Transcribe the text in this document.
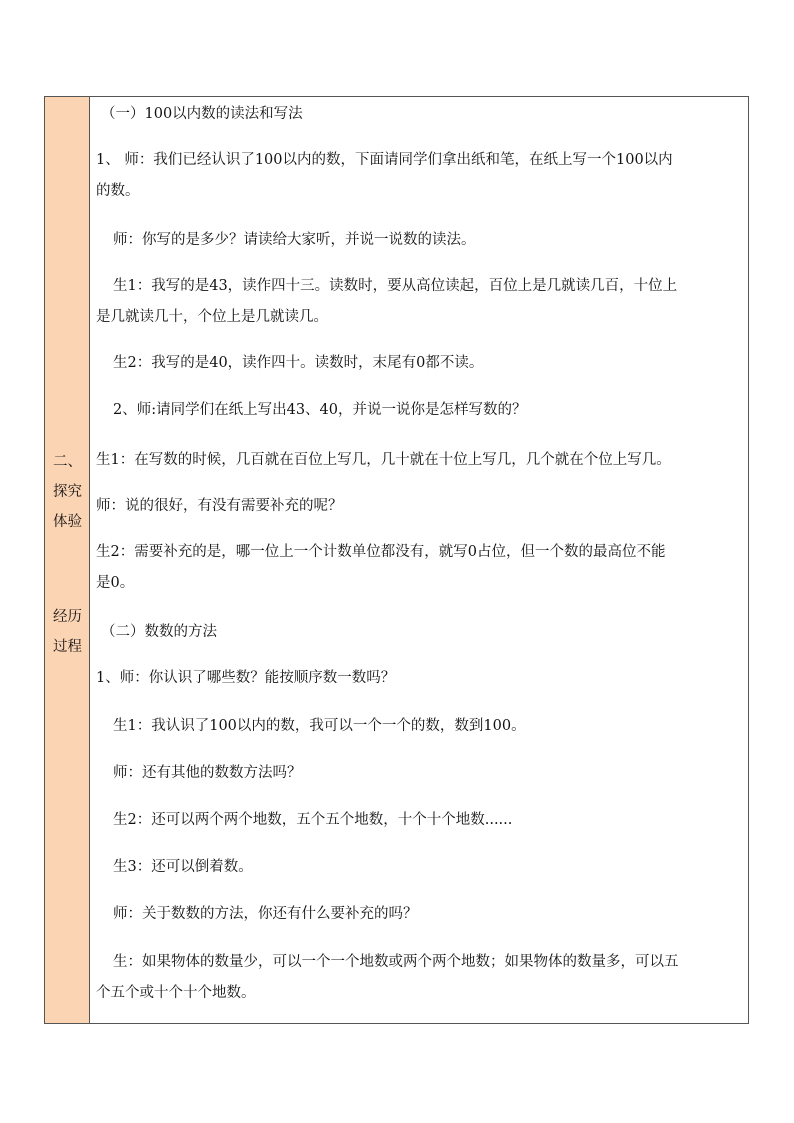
二、
探究
体验
经历
过程
（一）100以内数的读法和写法
1、 师：我们已经认识了100以内的数，下面请同学们拿出纸和笔，在纸上写一个100以内
的数。
师：你写的是多少？请读给大家听，并说一说数的读法。
生1：我写的是43，读作四十三。读数时，要从高位读起，百位上是几就读几百，十位上
是几就读几十，个位上是几就读几。
生2：我写的是40，读作四十。读数时，末尾有0都不读。
2、师:请同学们在纸上写出43、40，并说一说你是怎样写数的？
生1：在写数的时候，几百就在百位上写几，几十就在十位上写几，几个就在个位上写几。
师：说的很好，有没有需要补充的呢？
生2：需要补充的是，哪一位上一个计数单位都没有，就写0占位，但一个数的最高位不能
是0。
（二）数数的方法
1、师：你认识了哪些数？能按顺序数一数吗？
生1：我认识了100以内的数，我可以一个一个的数，数到100。
师：还有其他的数数方法吗？
生2：还可以两个两个地数，五个五个地数，十个十个地数......
生3：还可以倒着数。
师：关于数数的方法，你还有什么要补充的吗？
生：如果物体的数量少，可以一个一个地数或两个两个地数；如果物体的数量多，可以五
个五个或十个十个地数。
